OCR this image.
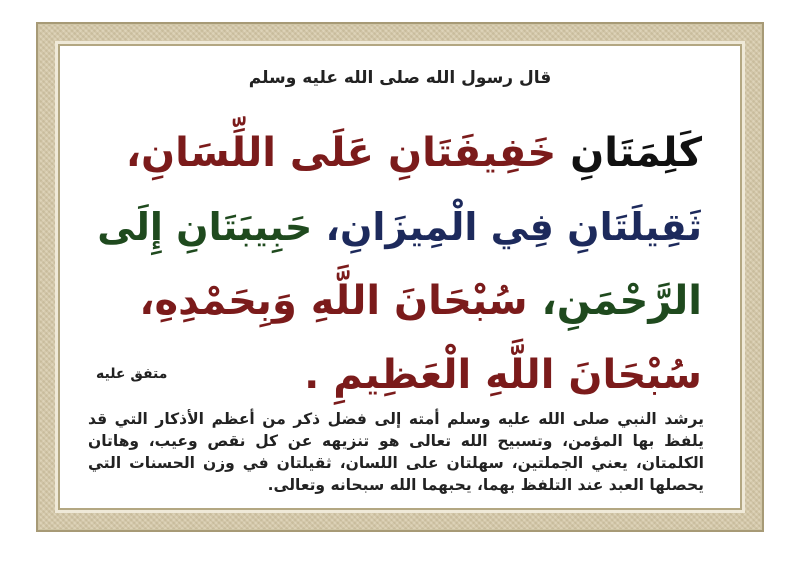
قال رسول الله صلى الله عليه وسلم
كَلِمَتَانِ خَفِيفَتَانِ عَلَى اللِّسَانِ،
ثَقِيلَتَانِ فِي الْمِيزَانِ، حَبِيبَتَانِ إِلَى
الرَّحْمَنِ، سُبْحَانَ اللَّهِ وَبِحَمْدِهِ،
سُبْحَانَ اللَّهِ الْعَظِيمِ .
متفق عليه
يرشد النبي صلى الله عليه وسلم أمته إلى فضل ذكر من أعظم الأذكار التي قد يلفظ بها المؤمن، وتسبيح الله تعالى هو تنزيهه عن كل نقص وعيب، وهاتان الكلمتان، يعني الجملتين، سهلتان على اللسان، ثقيلتان في وزن الحسنات التي يحصلها العبد عند التلفظ بهما، يحبهما الله سبحانه وتعالى.
